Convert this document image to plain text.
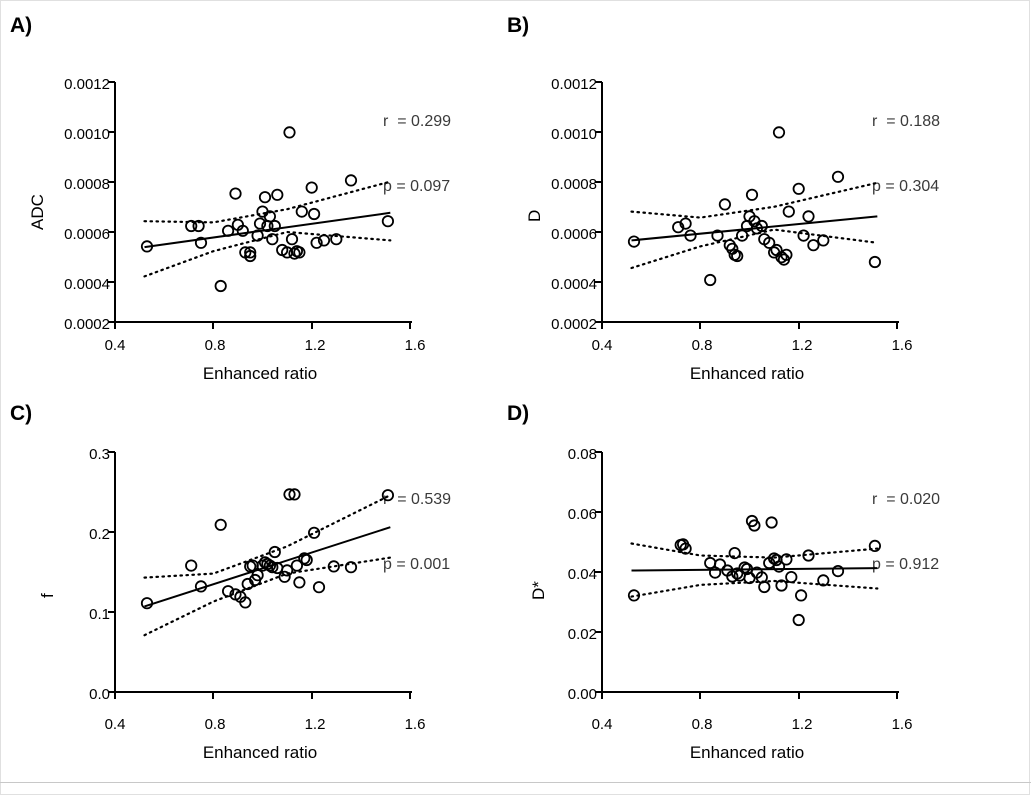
A)

r  = 0.299

p = 0.097

ADC
Enhanced ratio
0.0012
0.0010
0.0008
0.0006
0.0004
0.0002
0.4	0.8	1.2	1.6
B)

r  = 0.188

p = 0.304

D
Enhanced ratio
0.0012
0.0010
0.0008
0.0006
0.0004
0.0002
0.4	0.8	1.2	1.6
C)

r  = 0.539

p = 0.001

f
Enhanced ratio
0.3
0.2
0.1
0.0
0.4	0.8	1.2	1.6
D)

r  = 0.020

p = 0.912

D*
Enhanced ratio
0.08
0.06
0.04
0.02
0.00
0.4	0.8	1.2	1.6
